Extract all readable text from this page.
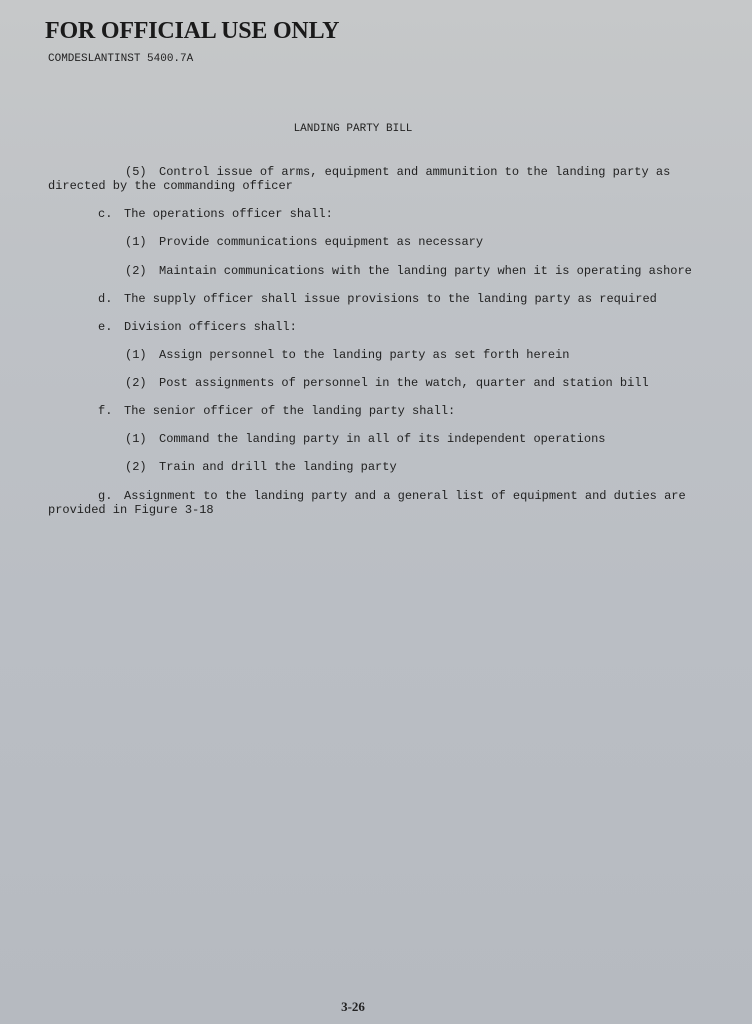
FOR OFFICIAL USE ONLY
COMDESLANTINST 5400.7A
LANDING PARTY BILL
(5) Control issue of arms, equipment and ammunition to the landing party as
directed by the commanding officer
c. The operations officer shall:
(1) Provide communications equipment as necessary
(2) Maintain communications with the landing party when it is operating ashore
d. The supply officer shall issue provisions to the landing party as required
e. Division officers shall:
(1) Assign personnel to the landing party as set forth herein
(2) Post assignments of personnel in the watch, quarter and station bill
f. The senior officer of the landing party shall:
(1) Command the landing party in all of its independent operations
(2) Train and drill the landing party
g. Assignment to the landing party and a general list of equipment and duties are
provided in Figure 3-18
3-26
